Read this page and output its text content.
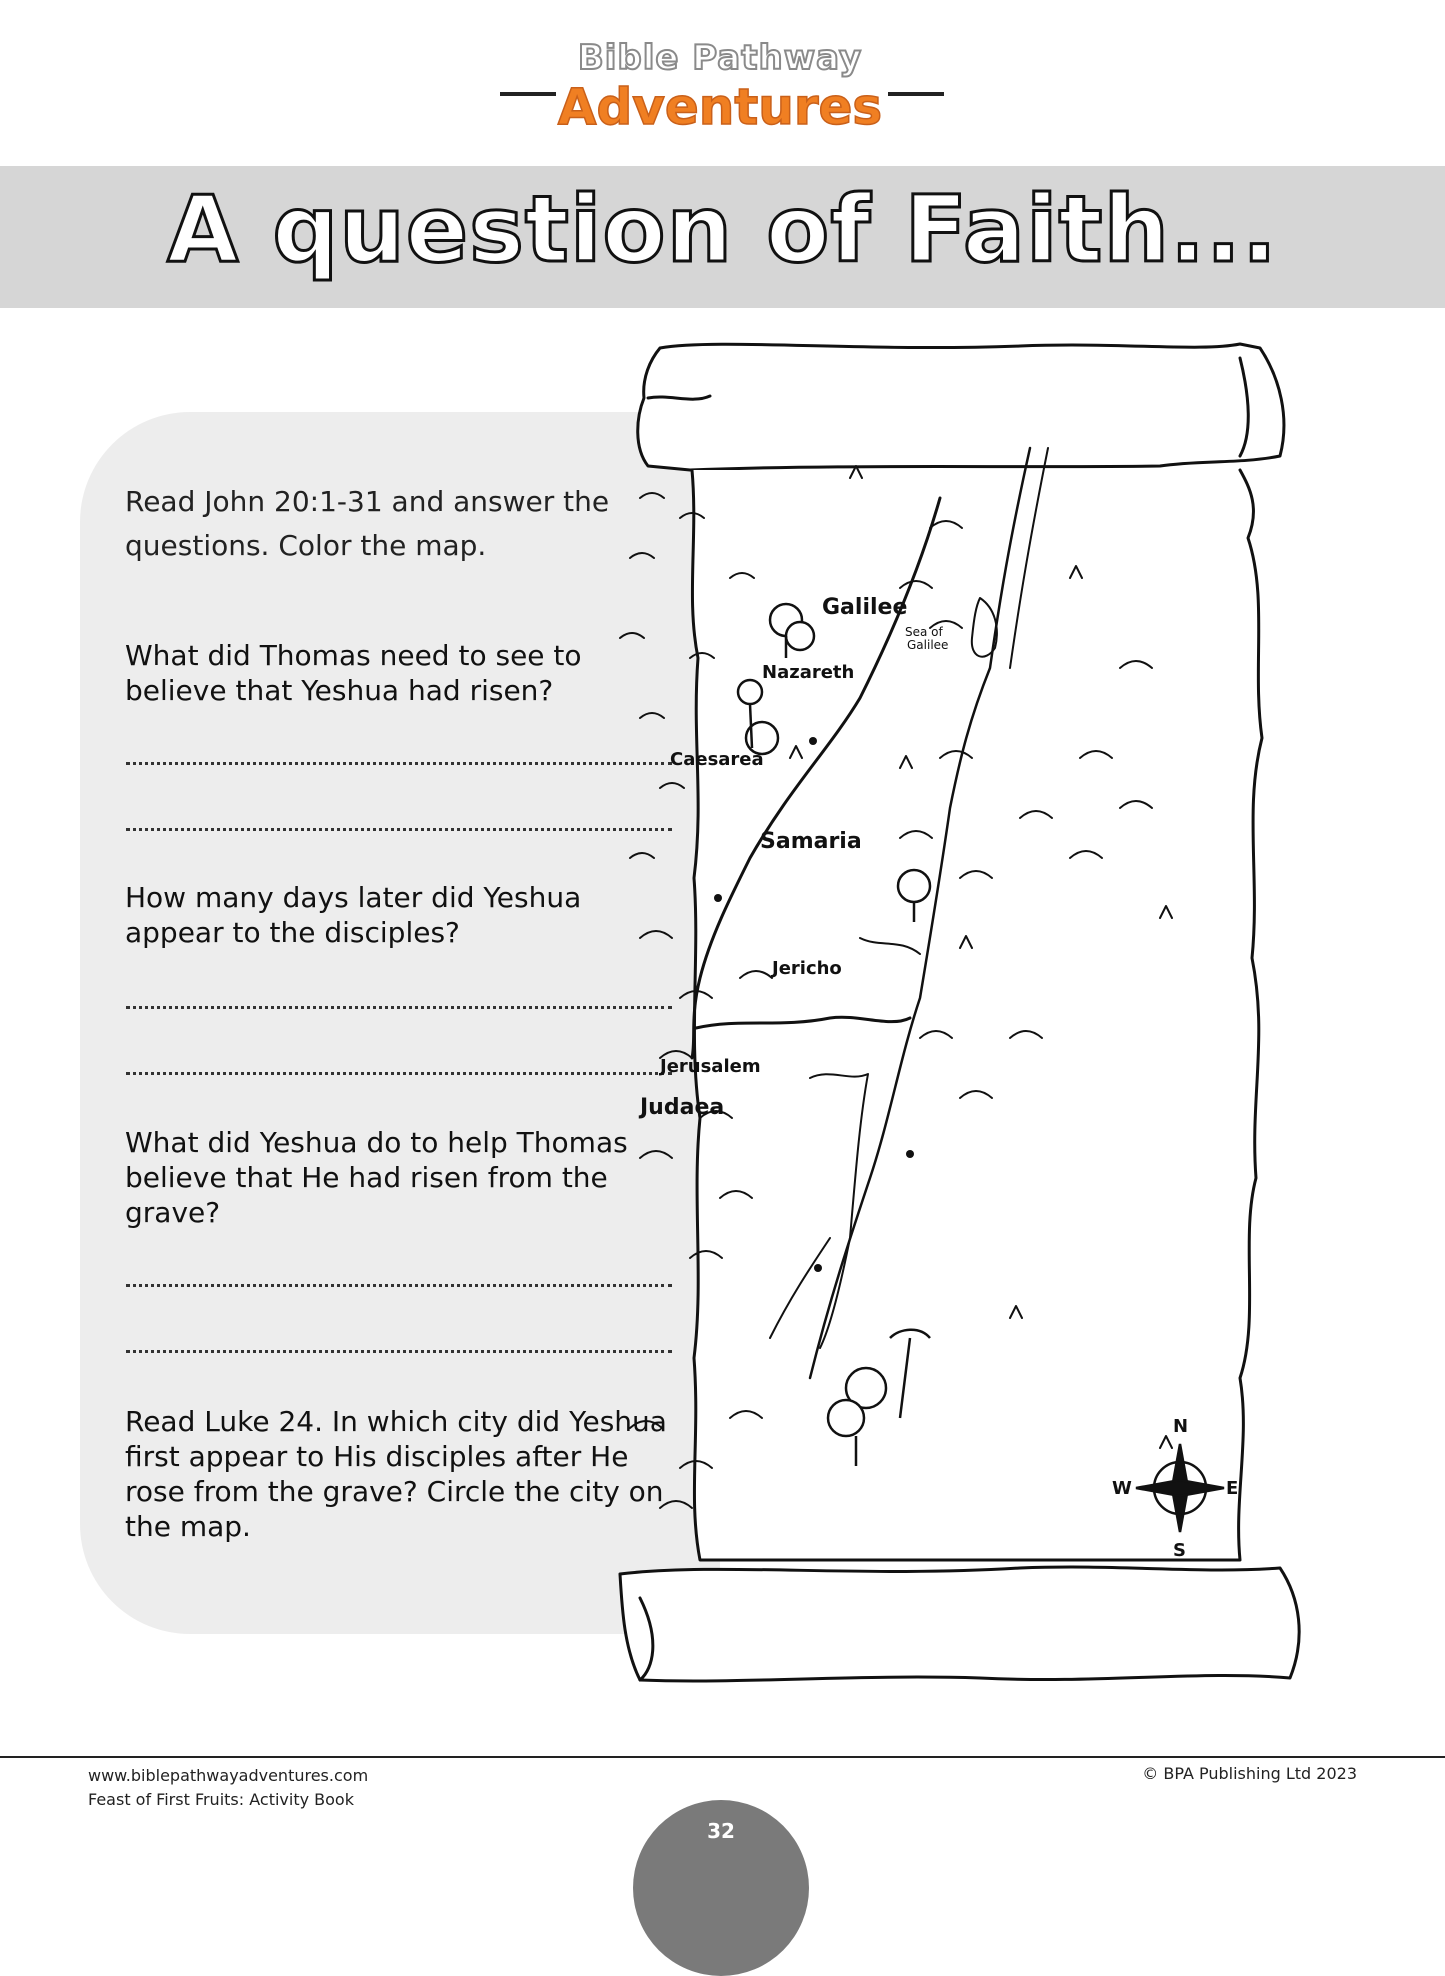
Bible Pathway
Adventures
A question of Faith...
Read John 20:1-31 and answer the questions. Color the map.
What did Thomas need to see to believe that Yeshua had risen?
How many days later did Yeshua appear to the disciples?
What did Yeshua do to help Thomas believe that He had risen from the grave?
Read Luke 24. In which city did Yeshua first appear to His disciples after He rose from the grave? Circle the city on the map.
Galilee
Sea of
Galilee
Nazareth
Caesarea
Samaria
Jericho
Jerusalem
Judaea
N
E
S
W
www.biblepathwayadventures.com
Feast of First Fruits: Activity Book
© BPA Publishing Ltd 2023
32
